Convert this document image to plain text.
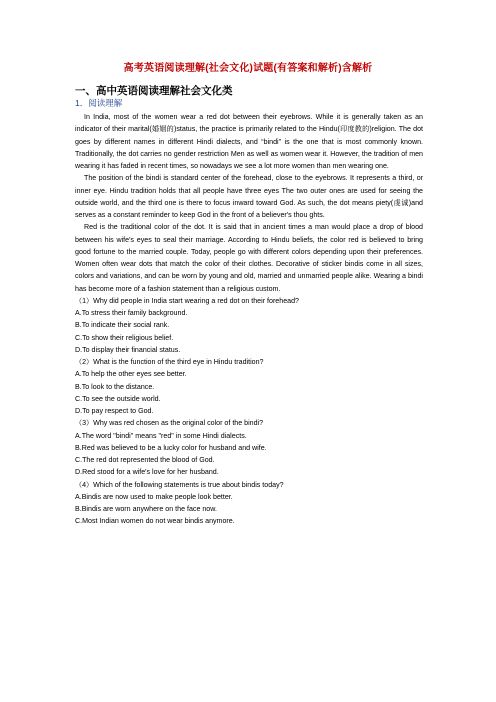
高考英语阅读理解(社会文化)试题(有答案和解析)含解析
一、高中英语阅读理解社会文化类
1．阅读理解

In India, most of the women wear a red dot between their eyebrows. While it is generally taken as an indicator of their marital(婚姻的)status, the practice is primarily related to the Hindu(印度教的)religion. The dot goes by different names in different Hindi dialects, and “bindi” is the one that is most commonly known. Traditionally, the dot carries no gender restriction Men as well as women wear it. However, the tradition of men wearing it has faded in recent times, so nowadays we see a lot more women than men wearing one.

The position of the bindi is standard center of the forehead, close to the eyebrows. It represents a third, or inner eye. Hindu tradition holds that all people have three eyes The two outer ones are used for seeing the outside world, and the third one is there to focus inward toward God. As such, the dot means piety(虔诚)and serves as a constant reminder to keep God in the front of a believer's thou ghts.

Red is the traditional color of the dot. It is said that in ancient times a man would place a drop of blood between his wife's eyes to seal their marriage. According to Hindu beliefs, the color red is believed to bring good fortune to the married couple. Today, people go with different colors depending upon their preferences. Women often wear dots that match the color of their clothes. Decorative of sticker bindis come in all sizes, colors and variations, and can be worn by young and old, married and unmarried people alike. Wearing a bindi has become more of a fashion statement than a religious custom.

（1）Why did people in India start wearing a red dot on their forehead?
A.To stress their family background.
B.To indicate their social rank.
C.To show their religious belief.
D.To display their financial status.
（2）What is the function of the third eye in Hindu tradition?
A.To help the other eyes see better.
B.To look to the distance.
C.To see the outside world.
D.To pay respect to God.
（3）Why was red chosen as the original color of the bindi?
A.The word "bindi" means "red" in some Hindi dialects.
B.Red was believed to be a lucky color for husband and wife.
C.The red dot represented the blood of God.
D.Red stood for a wife's love for her husband.
（4）Which of the following statements is true about bindis today?
A.Bindis are now used to make people look better.
B.Bindis are worn anywhere on the face now.
C.Most Indian women do not wear bindis anymore.
